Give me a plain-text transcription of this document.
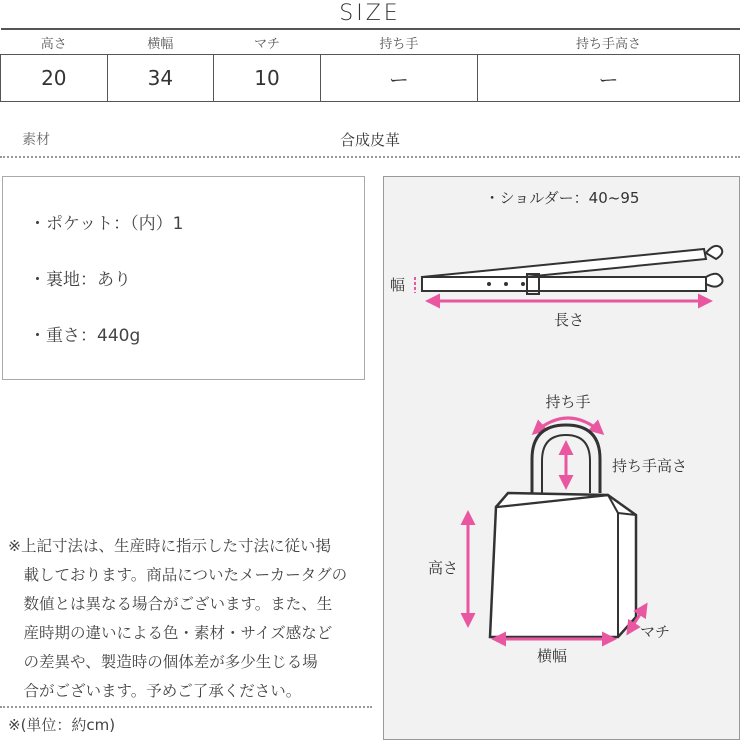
SIZE
高さ	横幅	マチ	持ち手	持ち手高さ
20	34	10	ー	ー
素材	合成皮革
・ポケット：（内）1
・裏地：あり
・重さ：440g
※上記寸法は、生産時に指示した寸法に従い掲
　載しております。商品についたメーカータグの
　数値とは異なる場合がございます。また、生
　産時期の違いによる色・素材・サイズ感など
　の差異や、製造時の個体差が多少生じる場
　合がございます。予めご了承ください。
※(単位：約cm)
・ショルダー：40~95
幅
長さ
持ち手
持ち手高さ
高さ
横幅
マチ
